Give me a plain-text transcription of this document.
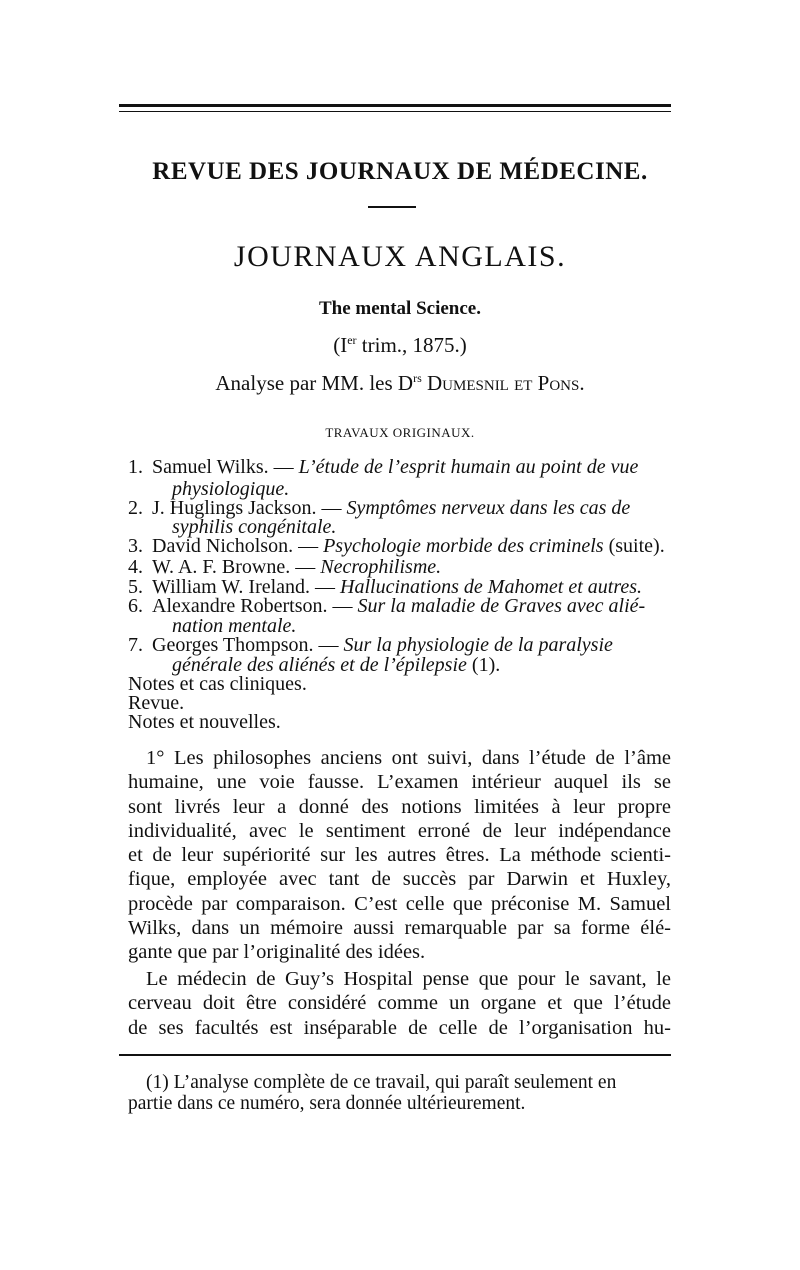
REVUE DES JOURNAUX DE MÉDECINE.
JOURNAUX ANGLAIS.
The mental Science.
(Ier trim., 1875.)
Analyse par MM. les $D^{rs}$ Dumesnil et Pons.
TRAVAUX ORIGINAUX.
1. Samuel Wilks. — L’étude de l’esprit humain au point de vue
physiologique.
2. J. Huglings Jackson. — Symptômes nerveux dans les cas de
syphilis congénitale.
3. David Nicholson. — Psychologie morbide des criminels (suite).
4. W. A. F. Browne. — Necrophilisme.
5. William W. Ireland. — Hallucinations de Mahomet et autres.
6. Alexandre Robertson. — Sur la maladie de Graves avec alié-
nation mentale.
7. Georges Thompson. — Sur la physiologie de la paralysie
générale des aliénés et de l’épilepsie (1).
Notes et cas cliniques.
Revue.
Notes et nouvelles.
1° Les philosophes anciens ont suivi, dans l’étude de l’âme
humaine, une voie fausse. L’examen intérieur auquel ils se
sont livrés leur a donné des notions limitées à leur propre
individualité, avec le sentiment erroné de leur indépendance
et de leur supériorité sur les autres êtres. La méthode scienti-
fique, employée avec tant de succès par Darwin et Huxley,
procède par comparaison. C’est celle que préconise M. Samuel
Wilks, dans un mémoire aussi remarquable par sa forme élé-
gante que par l’originalité des idées.
Le médecin de Guy’s Hospital pense que pour le savant, le
cerveau doit être considéré comme un organe et que l’étude
de ses facultés est inséparable de celle de l’organisation hu-
(1) L’analyse complète de ce travail, qui paraît seulement en
partie dans ce numéro, sera donnée ultérieurement.
